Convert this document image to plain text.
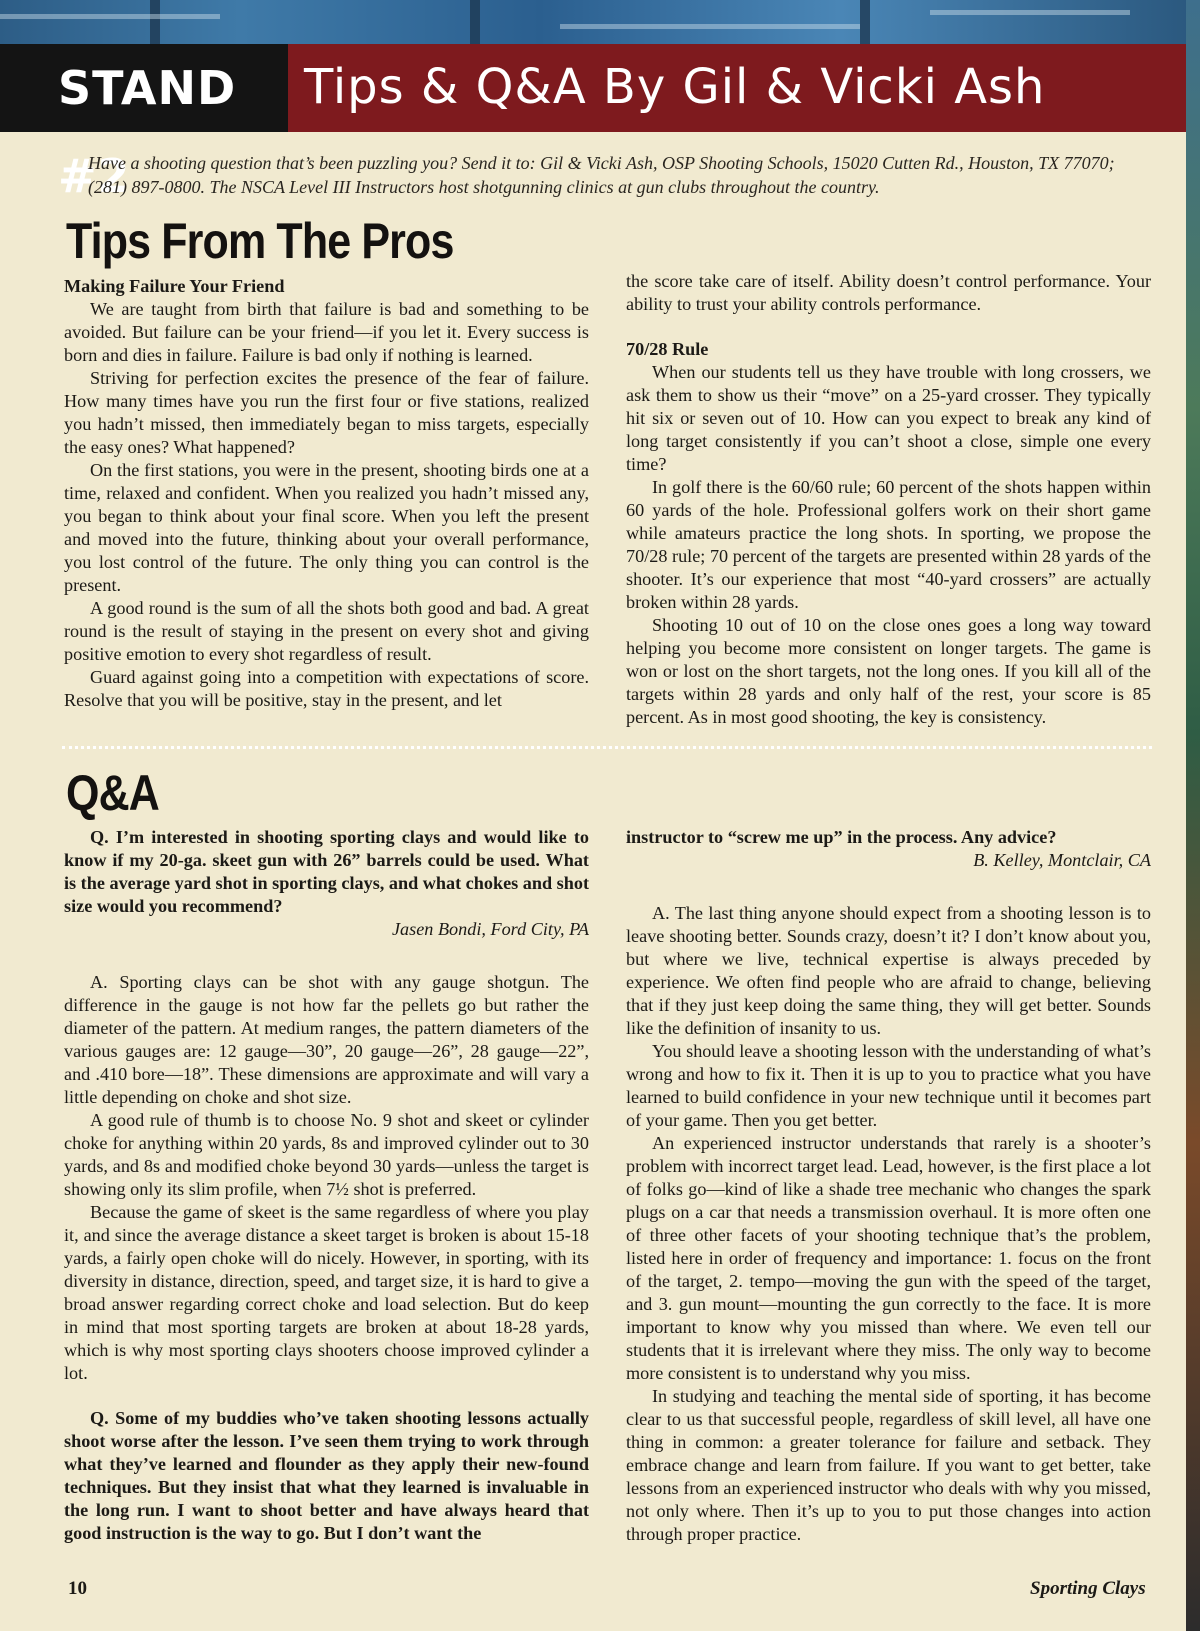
STAND #2
Tips & Q&A By Gil & Vicki Ash

Have a shooting question that’s been puzzling you? Send it to: Gil & Vicki Ash, OSP Shooting Schools, 15020 Cutten Rd., Houston, TX 77070; (281) 897-0800. The NSCA Level III Instructors host shotgunning clinics at gun clubs throughout the country.

Tips From The Pros

Making Failure Your Friend

We are taught from birth that failure is bad and something to be avoided. But failure can be your friend—if you let it. Every success is born and dies in failure. Failure is bad only if nothing is learned.

Striving for perfection excites the presence of the fear of failure. How many times have you run the first four or five stations, realized you hadn’t missed, then immediately began to miss targets, especially the easy ones? What happened?

On the first stations, you were in the present, shooting birds one at a time, relaxed and confident. When you realized you hadn’t missed any, you began to think about your final score. When you left the present and moved into the future, thinking about your overall performance, you lost control of the future. The only thing you can control is the present.

A good round is the sum of all the shots both good and bad. A great round is the result of staying in the present on every shot and giving positive emotion to every shot regardless of result.

Guard against going into a competition with expectations of score. Resolve that you will be positive, stay in the present, and let

the score take care of itself. Ability doesn’t control performance. Your ability to trust your ability controls performance.

70/28 Rule

When our students tell us they have trouble with long crossers, we ask them to show us their “move” on a 25-yard crosser. They typically hit six or seven out of 10. How can you expect to break any kind of long target consistently if you can’t shoot a close, simple one every time?

In golf there is the 60/60 rule; 60 percent of the shots happen within 60 yards of the hole. Professional golfers work on their short game while amateurs practice the long shots. In sporting, we propose the 70/28 rule; 70 percent of the targets are presented within 28 yards of the shooter. It’s our experience that most “40-yard crossers” are actually broken within 28 yards.

Shooting 10 out of 10 on the close ones goes a long way toward helping you become more consistent on longer targets. The game is won or lost on the short targets, not the long ones. If you kill all of the targets within 28 yards and only half of the rest, your score is 85 percent. As in most good shooting, the key is consistency.

Q&A

Q. I’m interested in shooting sporting clays and would like to know if my 20-ga. skeet gun with 26” barrels could be used. What is the average yard shot in sporting clays, and what chokes and shot size would you recommend?

Jasen Bondi, Ford City, PA

A. Sporting clays can be shot with any gauge shotgun. The difference in the gauge is not how far the pellets go but rather the diameter of the pattern. At medium ranges, the pattern diameters of the various gauges are: 12 gauge—30”, 20 gauge—26”, 28 gauge—22”, and .410 bore—18”. These dimensions are approximate and will vary a little depending on choke and shot size.

A good rule of thumb is to choose No. 9 shot and skeet or cylinder choke for anything within 20 yards, 8s and improved cylinder out to 30 yards, and 8s and modified choke beyond 30 yards—unless the target is showing only its slim profile, when 7½ shot is preferred.

Because the game of skeet is the same regardless of where you play it, and since the average distance a skeet target is broken is about 15-18 yards, a fairly open choke will do nicely. However, in sporting, with its diversity in distance, direction, speed, and target size, it is hard to give a broad answer regarding correct choke and load selection. But do keep in mind that most sporting targets are broken at about 18-28 yards, which is why most sporting clays shooters choose improved cylinder a lot.

Q. Some of my buddies who’ve taken shooting lessons actually shoot worse after the lesson. I’ve seen them trying to work through what they’ve learned and flounder as they apply their new-found techniques. But they insist that what they learned is invaluable in the long run. I want to shoot better and have always heard that good instruction is the way to go. But I don’t want the

instructor to “screw me up” in the process. Any advice?

B. Kelley, Montclair, CA

A. The last thing anyone should expect from a shooting lesson is to leave shooting better. Sounds crazy, doesn’t it? I don’t know about you, but where we live, technical expertise is always preceded by experience. We often find people who are afraid to change, believing that if they just keep doing the same thing, they will get better. Sounds like the definition of insanity to us.

You should leave a shooting lesson with the understanding of what’s wrong and how to fix it. Then it is up to you to practice what you have learned to build confidence in your new technique until it becomes part of your game. Then you get better.

An experienced instructor understands that rarely is a shooter’s problem with incorrect target lead. Lead, however, is the first place a lot of folks go—kind of like a shade tree mechanic who changes the spark plugs on a car that needs a transmission overhaul. It is more often one of three other facets of your shooting technique that’s the problem, listed here in order of frequency and importance: 1. focus on the front of the target, 2. tempo—moving the gun with the speed of the target, and 3. gun mount—mounting the gun correctly to the face. It is more important to know why you missed than where. We even tell our students that it is irrelevant where they miss. The only way to become more consistent is to understand why you miss.

In studying and teaching the mental side of sporting, it has become clear to us that successful people, regardless of skill level, all have one thing in common: a greater tolerance for failure and setback. They embrace change and learn from failure. If you want to get better, take lessons from an experienced instructor who deals with why you missed, not only where. Then it’s up to you to put those changes into action through proper practice.

10	Sporting Clays
